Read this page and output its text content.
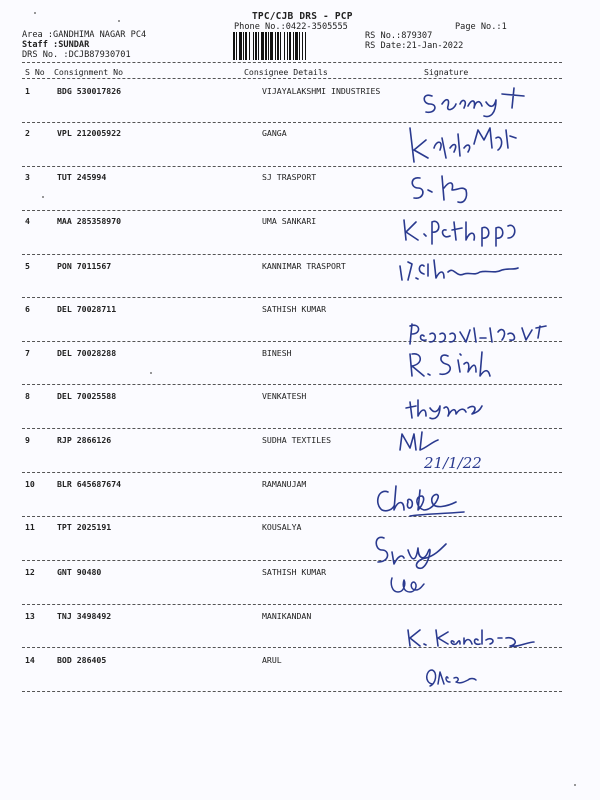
TPC/CJB DRS - PCP
Phone No.:0422-3505555	Page No.:1
RS No.:879307
RS Date:21-Jan-2022
Area :GANDHIMA NAGAR PC4
Staff :SUNDAR
DRS No. :DCJB87930701
S No Consignment No	Consignee Details	Signature
1	BDG 530017826	VIJAYALAKSHMI INDUSTRIES
2	VPL 212005922	GANGA
3	TUT 245994	SJ TRASPORT
4	MAA 285358970	UMA SANKARI
5	PON 7011567	KANNIMAR TRASPORT
6	DEL 70028711	SATHISH KUMAR
7	DEL 70028288	BINESH
8	DEL 70025588	VENKATESH
9	RJP 2866126	SUDHA TEXTILES
10	BLR 645687674	RAMANUJAM
11	TPT 2025191	KOUSALYA
12	GNT 90480	SATHISH KUMAR
13	TNJ 3498492	MANIKANDAN
14	BOD 286405	ARUL
21/1/22
